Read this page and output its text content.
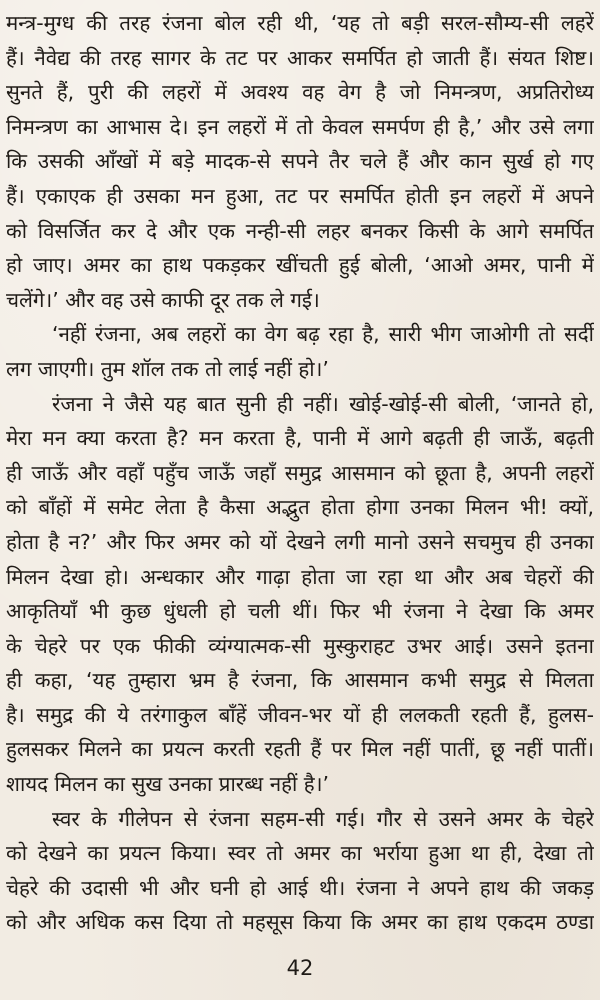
मन्त्र-मुग्ध की तरह रंजना बोल रही थी, ‘यह तो बड़ी सरल-सौम्य-सी लहरें
हैं। नैवेद्य की तरह सागर के तट पर आकर समर्पित हो जाती हैं। संयत शिष्ट।
सुनते हैं, पुरी की लहरों में अवश्य वह वेग है जो निमन्त्रण, अप्रतिरोध्य
निमन्त्रण का आभास दे। इन लहरों में तो केवल समर्पण ही है,’ और उसे लगा
कि उसकी आँखों में बड़े मादक-से सपने तैर चले हैं और कान सुर्ख हो गए
हैं। एकाएक ही उसका मन हुआ, तट पर समर्पित होती इन लहरों में अपने
को विसर्जित कर दे और एक नन्ही-सी लहर बनकर किसी के आगे समर्पित
हो जाए। अमर का हाथ पकड़कर खींचती हुई बोली, ‘आओ अमर, पानी में
चलेंगे।’ और वह उसे काफी दूर तक ले गई।
‘नहीं रंजना, अब लहरों का वेग बढ़ रहा है, सारी भीग जाओगी तो सर्दी
लग जाएगी। तुम शॉल तक तो लाई नहीं हो।’
रंजना ने जैसे यह बात सुनी ही नहीं। खोई-खोई-सी बोली, ‘जानते हो,
मेरा मन क्या करता है? मन करता है, पानी में आगे बढ़ती ही जाऊँ, बढ़ती
ही जाऊँ और वहाँ पहुँच जाऊँ जहाँ समुद्र आसमान को छूता है, अपनी लहरों
को बाँहों में समेट लेता है कैसा अद्भुत होता होगा उनका मिलन भी! क्यों,
होता है न?’ और फिर अमर को यों देखने लगी मानो उसने सचमुच ही उनका
मिलन देखा हो। अन्धकार और गाढ़ा होता जा रहा था और अब चेहरों की
आकृतियाँ भी कुछ धुंधली हो चली थीं। फिर भी रंजना ने देखा कि अमर
के चेहरे पर एक फीकी व्यंग्यात्मक-सी मुस्कुराहट उभर आई। उसने इतना
ही कहा, ‘यह तुम्हारा भ्रम है रंजना, कि आसमान कभी समुद्र से मिलता
है। समुद्र की ये तरंगाकुल बाँहें जीवन-भर यों ही ललकती रहती हैं, हुलस-
हुलसकर मिलने का प्रयत्न करती रहती हैं पर मिल नहीं पातीं, छू नहीं पातीं।
शायद मिलन का सुख उनका प्रारब्ध नहीं है।’
स्वर के गीलेपन से रंजना सहम-सी गई। गौर से उसने अमर के चेहरे
को देखने का प्रयत्न किया। स्वर तो अमर का भर्राया हुआ था ही, देखा तो
चेहरे की उदासी भी और घनी हो आई थी। रंजना ने अपने हाथ की जकड़
को और अधिक कस दिया तो महसूस किया कि अमर का हाथ एकदम ठण्डा
42
